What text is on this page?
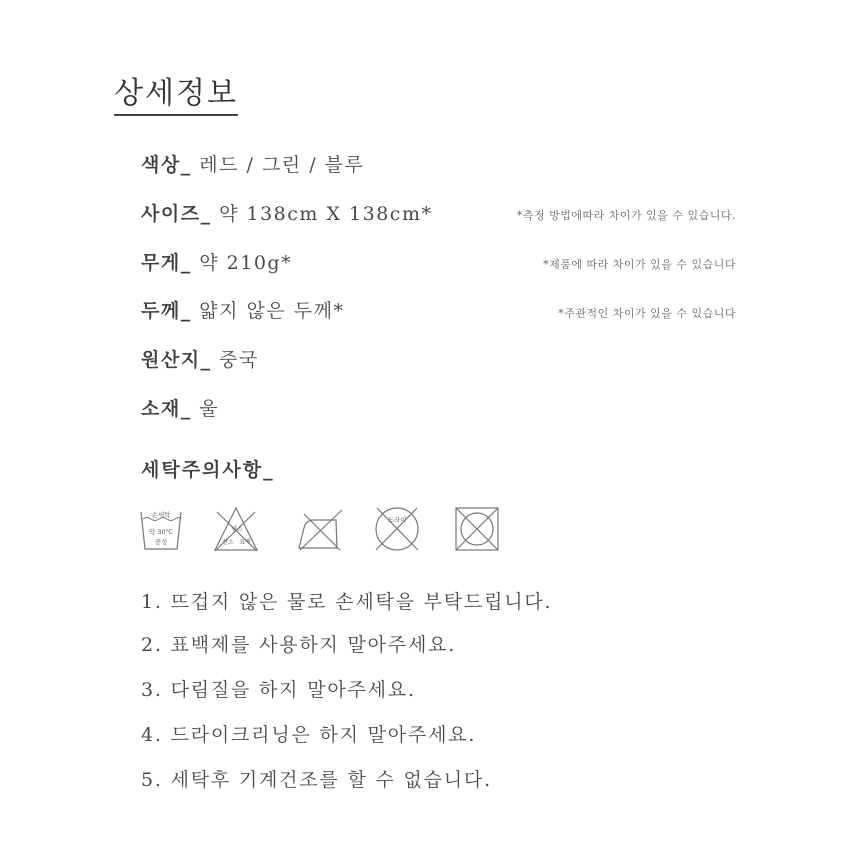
상세정보
색상_ 레드 / 그린 / 블루
사이즈_ 약 138cm X 138cm*	*측정 방법에따라 차이가 있을 수 있습니다.
무게_ 약 210g*	*제품에 따라 차이가 있을 수 있습니다
두께_ 얇지 않은 두께*	*주관적인 차이가 있을 수 있습니다
원산지_ 중국
소재_ 울
세탁주의사항_
손세탁
약 30℃
중성
염소
산소 표백
드라이
1. 뜨겁지 않은 물로 손세탁을 부탁드립니다.
2. 표백제를 사용하지 말아주세요.
3. 다림질을 하지 말아주세요.
4. 드라이크리닝은 하지 말아주세요.
5. 세탁후 기계건조를 할 수 없습니다.
